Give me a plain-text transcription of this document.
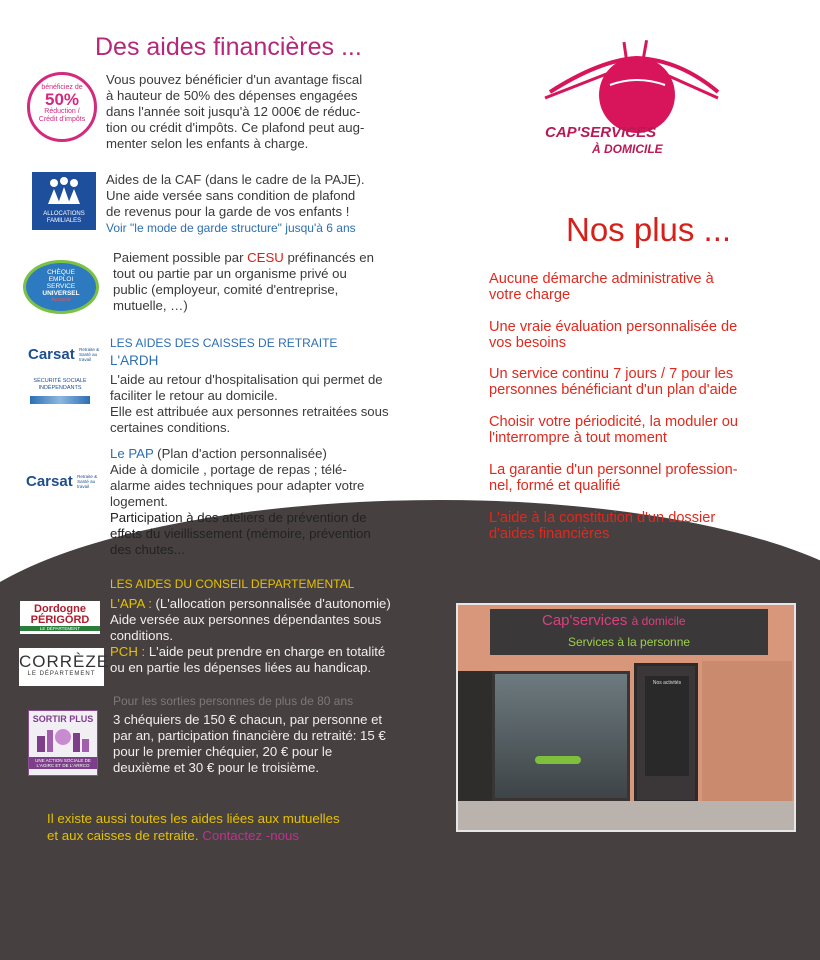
Des aides financières ...
bénéficiez de
50%
Réduction /
Crédit d'impôts
Vous pouvez bénéficier d'un avantage fiscal
à hauteur de 50% des dépenses engagées
dans l'année soit jusqu'à 12 000€ de réduc-
tion ou crédit d'impôts. Ce plafond peut aug-
menter selon les enfants à charge.
ALLOCATIONS FAMILIALES
Aides de la CAF (dans le cadre de la PAJE).
Une aide versée sans condition de plafond
de revenus pour la garde de vos enfants !
Voir "le mode de garde structure" jusqu'à 6 ans
CHÈQUE
EMPLOI
SERVICE
UNIVERSEL
Accepté
Paiement possible par CESU préfinancés en
tout ou partie par un organisme privé ou
public (employeur, comité d'entreprise,
mutuelle, …)
LES AIDES DES CAISSES DE RETRAITE
L'ARDH
L'aide au retour d'hospitalisation qui permet de
faciliter le retour au domicile.
Elle est attribuée aux personnes retraitées sous
certaines conditions.
Carsat Retraite & Santé au travail
SÉCURITÉ SOCIALE INDÉPENDANTS
Le PAP (Plan d'action personnalisée)
Aide à domicile , portage de repas ; télé-
alarme aides techniques pour adapter votre
logement.
Participation à des ateliers de prévention de
effets du vieillissement (mémoire, prévention
des chutes...
Carsat Retraite & Santé au travail
LES AIDES DU CONSEIL DEPARTEMENTAL
L'APA : (L'allocation personnalisée d'autonomie)
Aide versée aux personnes dépendantes sous
conditions.
PCH : L'aide peut prendre en charge en totalité
ou en partie les dépenses liées au handicap.
Dordogne
PÉRIGORD
LE DÉPARTEMENT
CORRÈZE
LE DÉPARTEMENT
Pour les sorties personnes de plus de 80 ans
3 chéquiers de 150 € chacun, par personne et
par an, participation financière du retraité: 15 €
pour le premier chéquier, 20 € pour le
deuxième et 30 € pour le troisième.
SORTIR PLUS
UNE ACTION SOCIALE DE L'AGIRC ET DE L'ARRCO
Il existe aussi toutes les aides liées aux mutuelles
et aux caisses de retraite. Contactez -nous
CAP'SERVICES
À DOMICILE
Nos plus ...
Aucune démarche administrative à
votre charge
Une vraie évaluation personnalisée de
vos besoins
Un service continu 7 jours / 7 pour les
personnes bénéficiant d'un plan d'aide
Choisir votre périodicité, la moduler ou
l'interrompre à tout moment
La garantie d'un personnel profession-
nel, formé et qualifié
L'aide à la constitution d'un dossier
d'aides financières
Cap'services à domicile
Services à la personne
Nos activités
